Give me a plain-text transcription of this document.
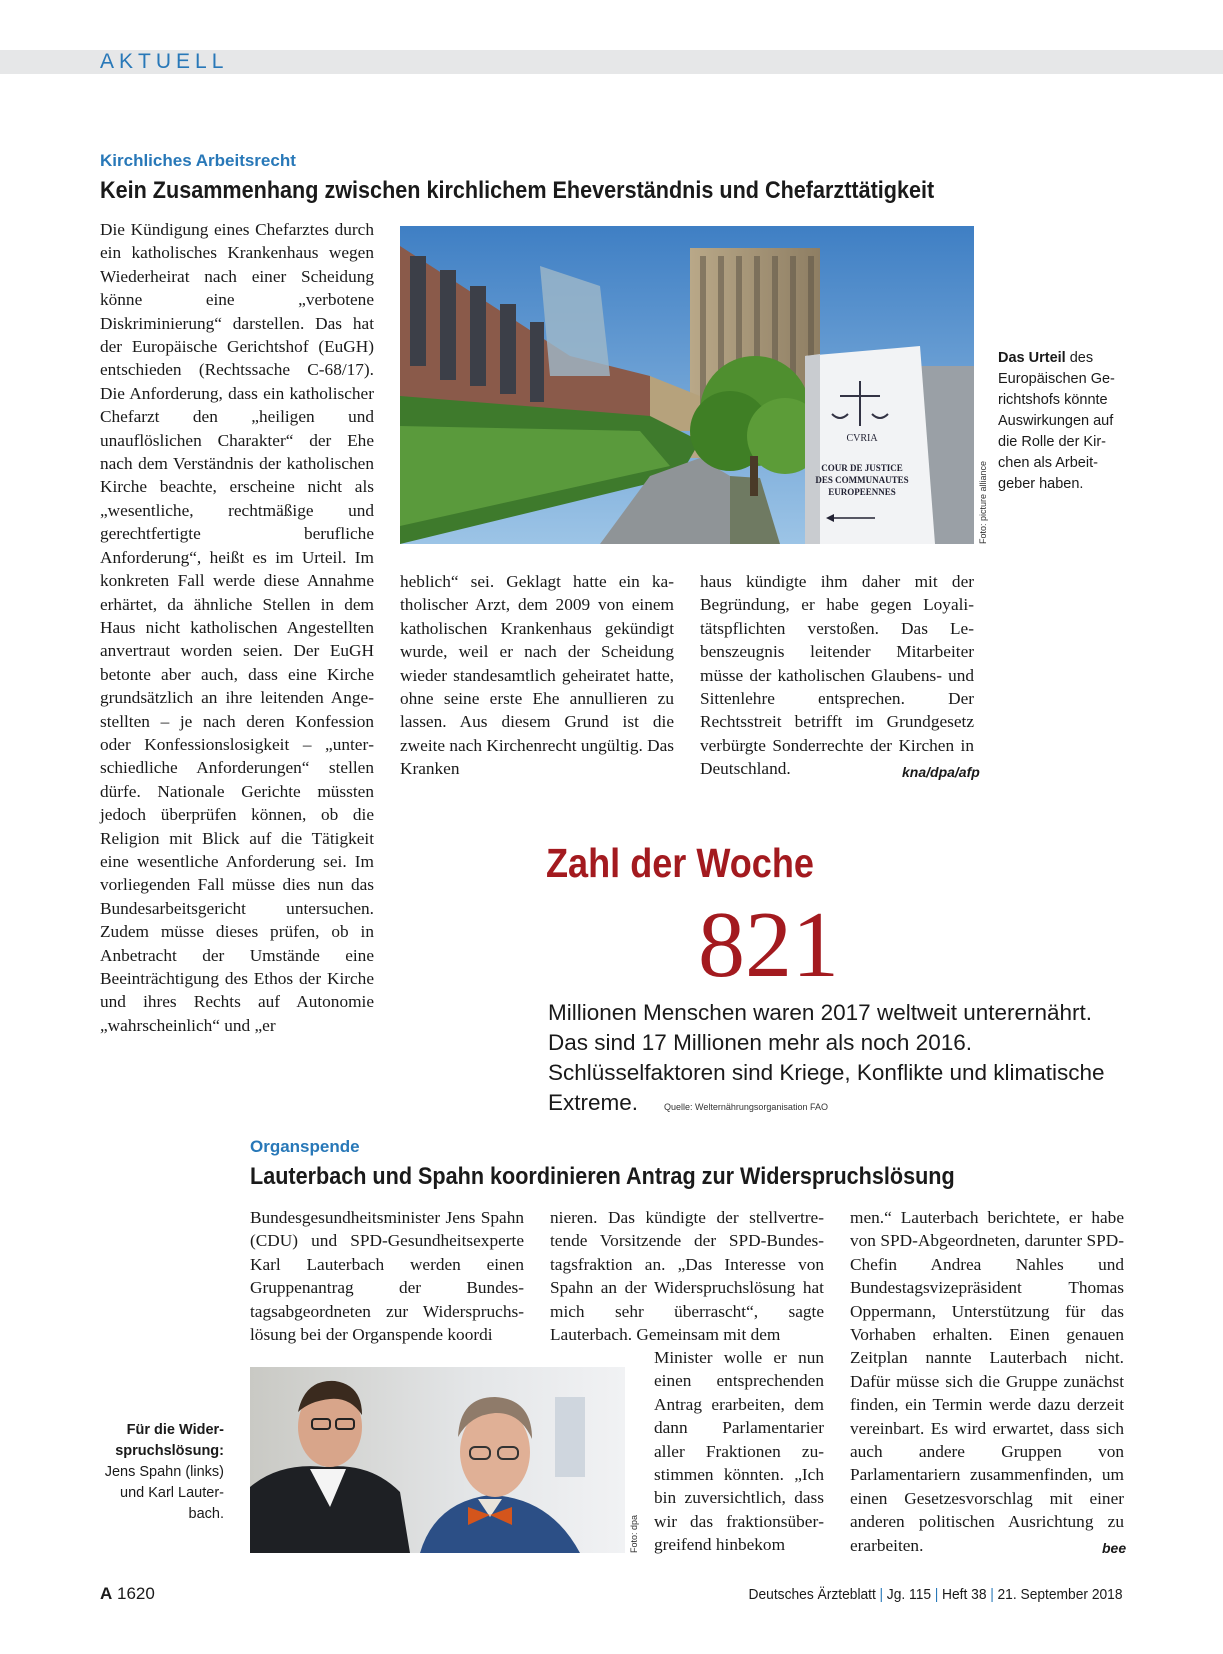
AKTUELL
Kirchliches Arbeitsrecht
Kein Zusammenhang zwischen kirchlichem Eheverständnis und Chefarzttätigkeit

Die Kündigung eines Chefarztes durch ein katholisches Krankenhaus wegen Wiederheirat nach einer Scheidung könne eine „verbotene Diskriminierung“ darstellen. Das hat der Europäische Gerichtshof (EuGH) entschieden (Rechtssache C-68/17). Die Anforderung, dass ein katholischer Chefarzt den „heiligen und unauflöslichen Charakter“ der Ehe nach dem Verständnis der katholischen Kirche beachte, erscheine nicht als „wesentliche, rechtmäßige und gerechtfertigte berufliche Anforderung“, heißt es im Urteil. Im konkreten Fall werde diese Annahme erhärtet, da ähnliche Stellen in dem Haus nicht katholischen Angestellten anvertraut worden seien. Der EuGH betonte aber auch, dass eine Kirche grundsätzlich an ihre leitenden Angestellten – je nach deren Konfession oder Konfessionslosigkeit – „unterschiedliche Anforderungen“ stellen dürfe. Nationale Gerichte müssten jedoch überprüfen können, ob die Religion mit Blick auf die Tätigkeit eine wesentliche Anforderung sei. Im vorliegenden Fall müsse dies nun das Bundesarbeitsgericht untersuchen. Zudem müsse dieses prüfen, ob in Anbetracht der Umstände eine Beeinträchtigung des Ethos der Kirche und ihres Rechts auf Autonomie „wahrscheinlich“ und „er

CVRIA
COUR DE JUSTICE
DES COMMUNAUTES
EUROPEENNES	Foto: picture alliance
Das Urteil des Europäischen Gerichtshofs könnte Auswirkungen auf die Rolle der Kirchen als Arbeitgeber haben.

heblich“ sei. Geklagt hatte ein katholischer Arzt, dem 2009 von einem katholischen Krankenhaus gekündigt wurde, weil er nach der Scheidung wieder standesamtlich geheiratet hatte, ohne seine erste Ehe annullieren zu lassen. Aus diesem Grund ist die zweite nach Kirchenrecht ungültig. Das Kranken

haus kündigte ihm daher mit der Begründung, er habe gegen Loyalitätspflichten verstoßen. Das Lebenszeugnis leitender Mitarbeiter müsse der katholischen Glaubens- und Sittenlehre entsprechen. Der Rechtsstreit betrifft im Grundgesetz verbürgte Sonderrechte der Kirchen in Deutschland.	kna/dpa/afp
Zahl der Woche
821
Millionen Menschen waren 2017 weltweit unterernährt. Das sind 17 Millionen mehr als noch 2016. Schlüsselfaktoren sind Kriege, Konflikte und klimatische Extreme.	Quelle: Welternährungsorganisation FAO
Organspende
Lauterbach und Spahn koordinieren Antrag zur Widerspruchslösung

Bundesgesundheitsminister Jens Spahn (CDU) und SPD-Gesundheitsexperte Karl Lauterbach werden einen Gruppenantrag der Bundestagsabgeordneten zur Widerspruchslösung bei der Organspende koordi

nieren. Das kündigte der stellvertretende Vorsitzende der SPD-Bundestagsfraktion an. „Das Interesse von Spahn an der Widerspruchslösung hat mich sehr überrascht“, sagte Lauterbach. Gemeinsam mit dem

Minister wolle er nun einen entsprechenden Antrag erarbeiten, dem dann Parlamentarier aller Fraktionen zustimmen könnten. „Ich bin zuversichtlich, dass wir das fraktionsübergreifend hinbekom

men.“ Lauterbach berichtete, er habe von SPD-Abgeordneten, darunter SPD-Chefin Andrea Nahles und Bundestagsvizepräsident Thomas Oppermann, Unterstützung für das Vorhaben erhalten. Einen genauen Zeitplan nannte Lauterbach nicht. Dafür müsse sich die Gruppe zunächst finden, ein Termin werde dazu derzeit vereinbart. Es wird erwartet, dass sich auch andere Gruppen von Parlamentariern zusammenfinden, um einen Gesetzesvorschlag mit einer anderen politischen Ausrichtung zu erarbeiten.	bee
Foto: dpa
Für die Widerspruchslösung:
Jens Spahn (links) und Karl Lauterbach.
A 1620	Deutsches Ärzteblatt | Jg. 115 | Heft 38 | 21. September 2018
